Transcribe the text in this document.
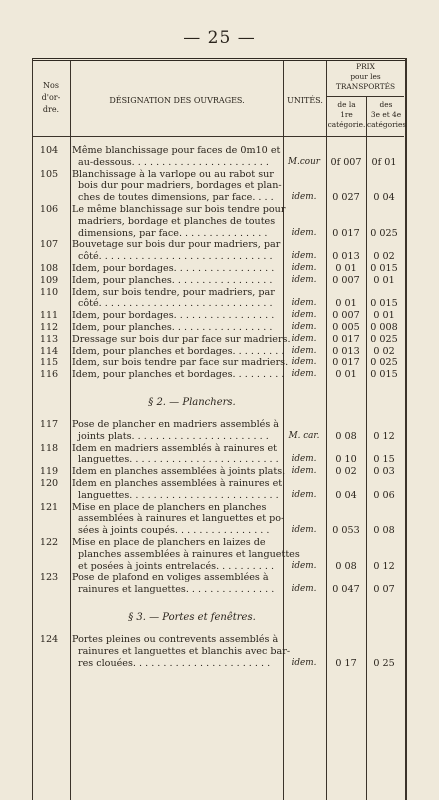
— 25 —
Nos
d'or-
dre.
DÉSIGNATION DES OUVRAGES.	UNITÉS.
PRIX
pour les
TRANSPORTÉS
de la
1re
catégorie.
des
3e et 4e
catégories
104	Même blanchissage pour faces de 0m10 et
au-dessous. . . . . . . . . . . . . . . . . . . . . . .	M.cour	0f 007	0f 01
105	Blanchissage à la varlope ou au rabot sur
bois dur pour madriers, bordages et plan-
ches de toutes dimensions, par face. . . .	idem.	0 027	0 04
106	Le même blanchissage sur bois tendre pour
madriers, bordage et planches de toutes
dimensions, par face. . . . . . . . . . . . . . .	idem.	0 017	0 025
107	Bouvetage sur bois dur pour madriers, par
côté. . . . . . . . . . . . . . . . . . . . . . . . . . . . .	idem.	0 013	0 02
108	Idem, pour bordages. . . . . . . . . . . . . . . . .	idem.	0 01	0 015
109	Idem, pour planches. . . . . . . . . . . . . . . . .	idem.	0 007	0 01
110	Idem, sur bois tendre, pour madriers, par
côté. . . . . . . . . . . . . . . . . . . . . . . . . . . . .	idem.	0 01	0 015
111	Idem, pour bordages. . . . . . . . . . . . . . . . .	idem.	0 007	0 01
112	Idem, pour planches. . . . . . . . . . . . . . . . .	idem.	0 005	0 008
113	Dressage sur bois dur par face sur madriers. idem.	0 017	0 025
114	Idem, pour planches et bordages. . . . . . . . . idem.	0 013	0 02
115	Idem, sur bois tendre par face sur madriers. idem.	0 017	0 025
116	Idem, pour planches et bordages. . . . . . . . . idem.	0 01	0 015
117	Pose de plancher en madriers assemblés à
joints plats. . . . . . . . . . . . . . . . . . . . . . .	M. car.	0 08	0 12
118	Idem en madriers assemblés à rainures et
languettes. . . . . . . . . . . . . . . . . . . . . . . . .	idem.	0 10	0 15
119	Idem en planches assemblées à joints plats. idem.	0 02	0 03
120	Idem en planches assemblées à rainures et
languettes. . . . . . . . . . . . . . . . . . . . . . . . .	idem.	0 04	0 06
121	Mise en place de planchers en planches
assemblées à rainures et languettes et po-
sées à joints coupés. . . . . . . . . . . . . . . .	idem.	0 053	0 08
122	Mise en place de planchers en laizes de
planches assemblées à rainures et languettes
et posées à joints entrelacés. . . . . . . . . .	idem.	0 08	0 12
123	Pose de plafond en voliges assemblées à
rainures et languettes. . . . . . . . . . . . . . .	idem.	0 047	0 07
124	Portes pleines ou contrevents assemblés à
rainures et languettes et blanchis avec bar-
res clouées. . . . . . . . . . . . . . . . . . . . . . .	idem.	0 17	0 25
§ 2. — Planchers.
§ 3. — Portes et fenêtres.
